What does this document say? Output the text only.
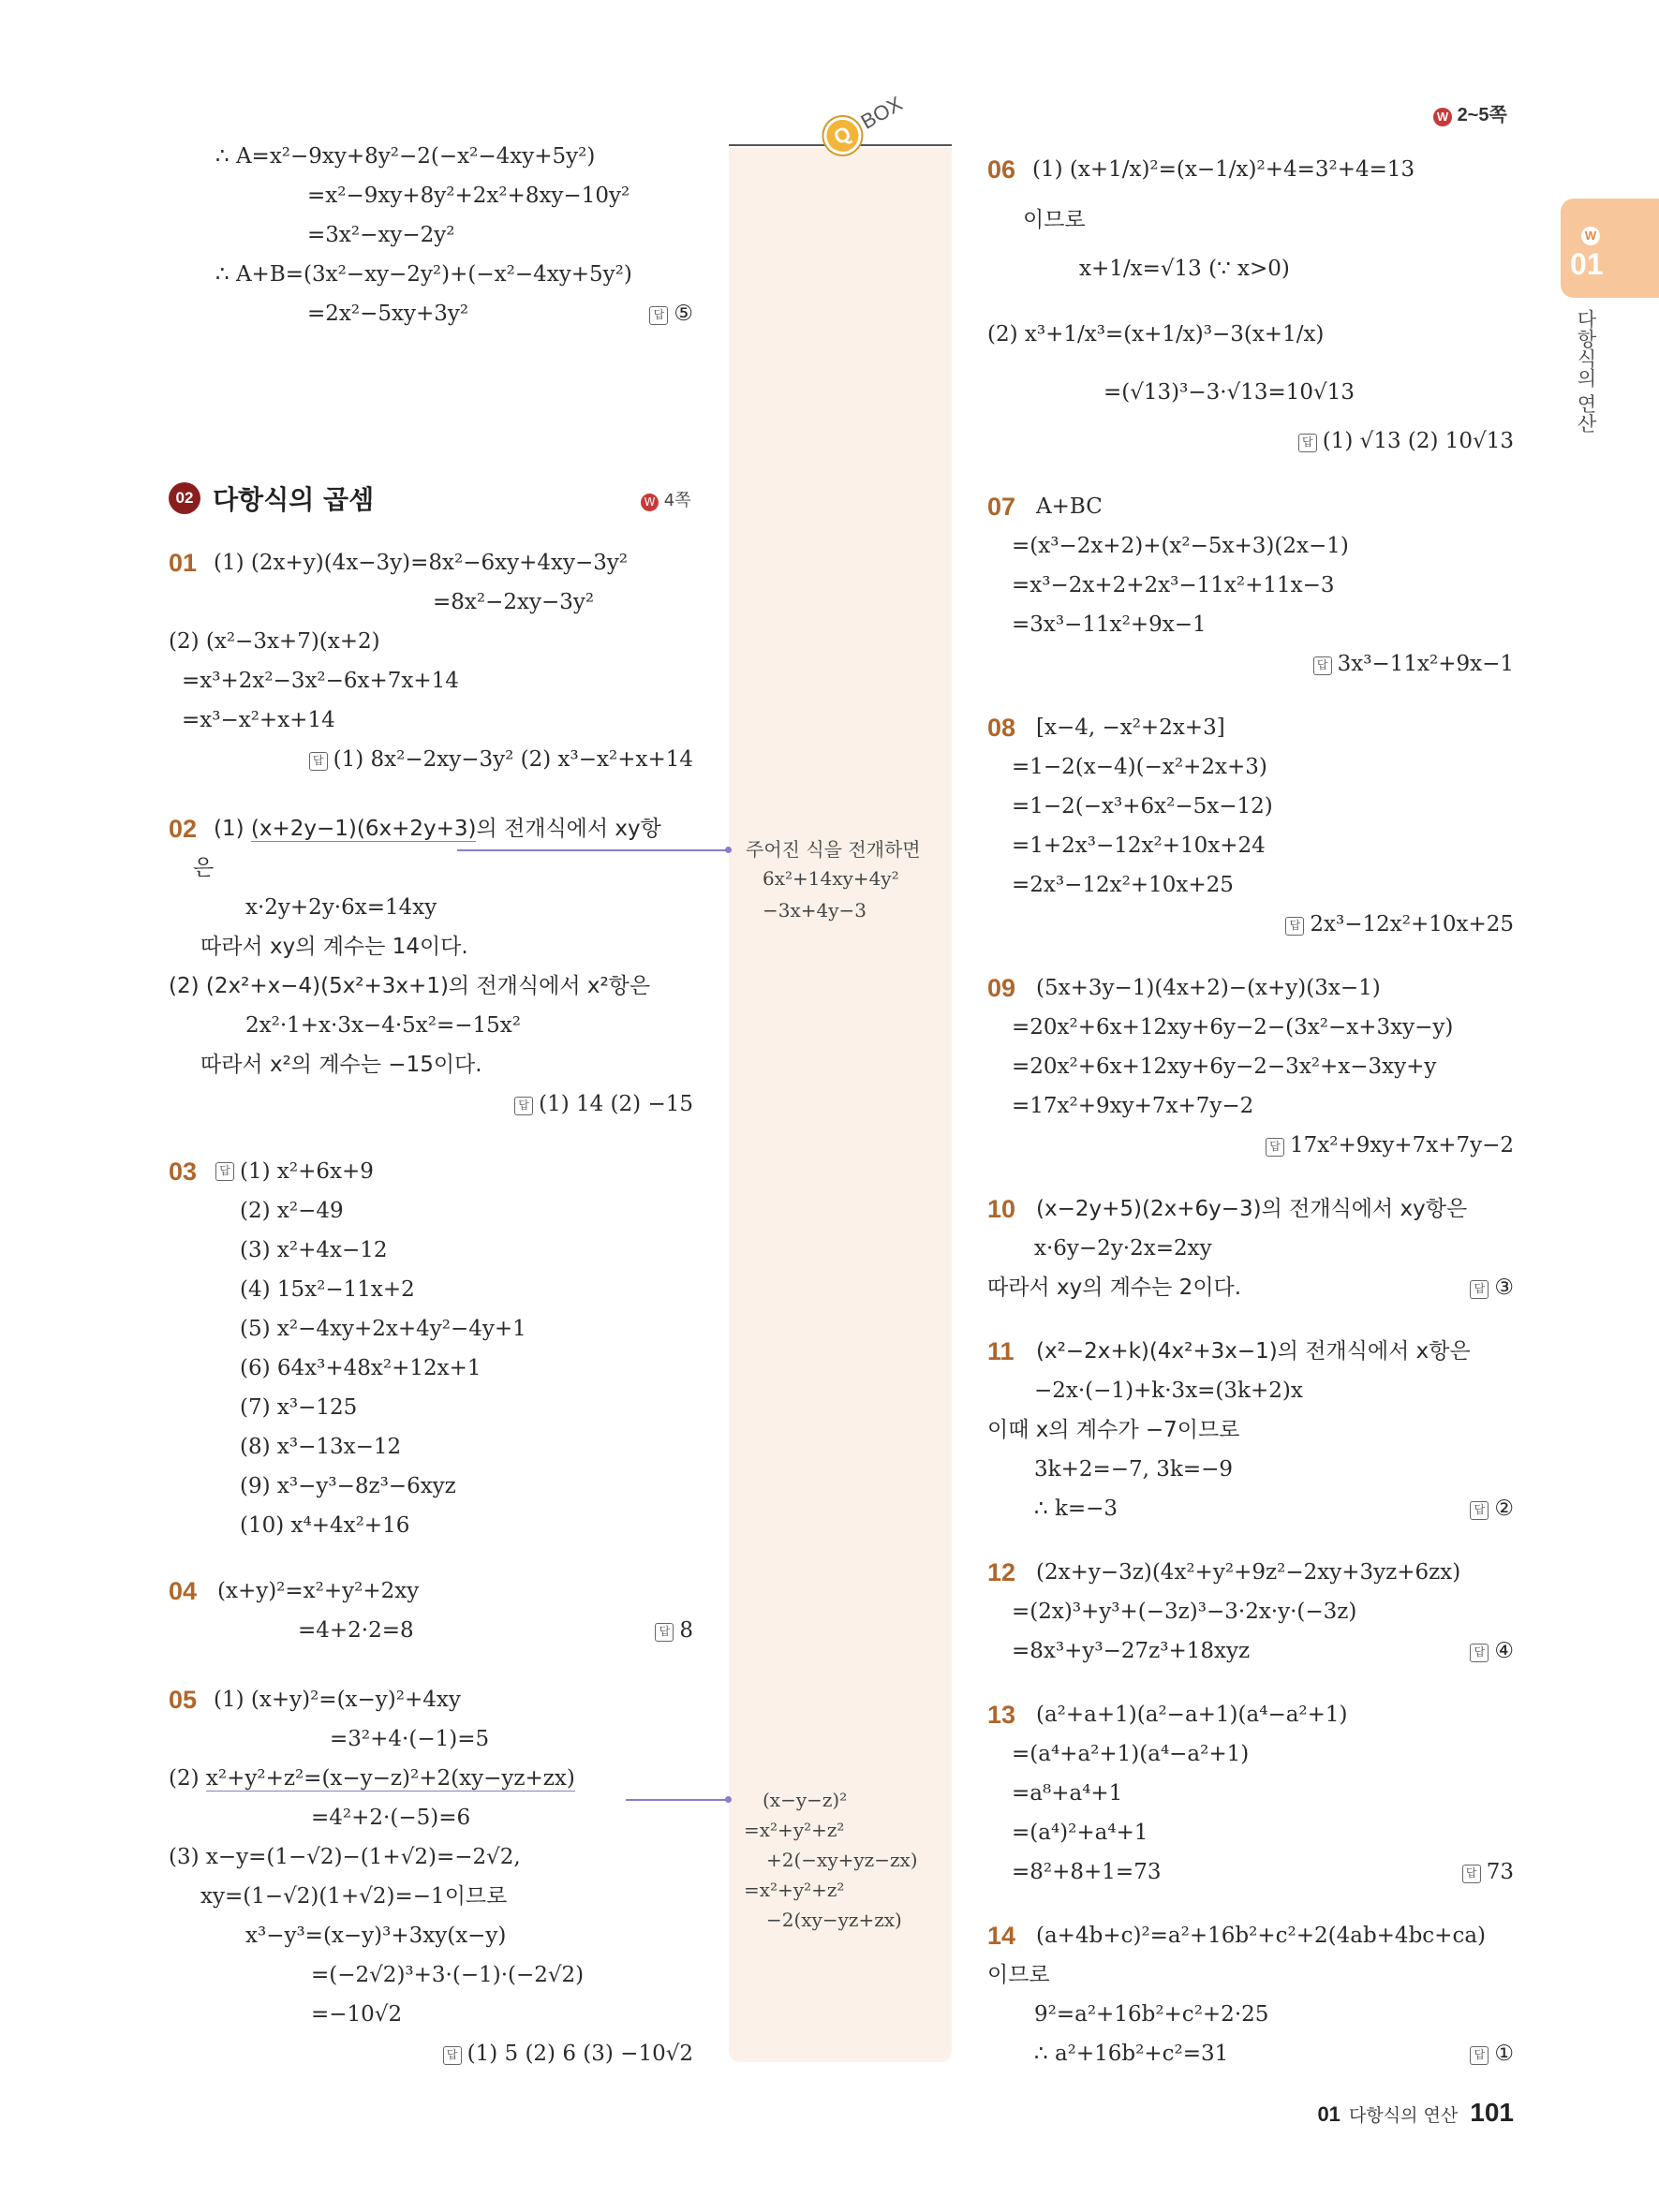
W 2~5쪽
W
01
다항식의 연산
Q BOX
∴ A=x²−9xy+8y²−2(−x²−4xy+5y²)
=x²−9xy+8y²+2x²+8xy−10y²
=3x²−xy−2y²
∴ A+B=(3x²−xy−2y²)+(−x²−4xy+5y²)
=2x²−5xy+3y²	답 ⑤
02 다항식의 곱셈	W 4쪽
01 (1) (2x+y)(4x−3y)=8x²−6xy+4xy−3y²
=8x²−2xy−3y²
(2) (x²−3x+7)(x+2)
=x³+2x²−3x²−6x+7x+14
=x³−x²+x+14
답 (1) 8x²−2xy−3y² (2) x³−x²+x+14
02 (1) (x+2y−1)(6x+2y+3)의 전개식에서 xy항
은
x·2y+2y·6x=14xy
따라서 xy의 계수는 14이다.
(2) (2x²+x−4)(5x²+3x+1)의 전개식에서 x²항은
2x²·1+x·3x−4·5x²=−15x²
따라서 x²의 계수는 −15이다.
답 (1) 14 (2) −15
주어진 식을 전개하면
6x²+14xy+4y²
−3x+4y−3
03	답 (1) x²+6x+9
(2) x²−49
(3) x²+4x−12
(4) 15x²−11x+2
(5) x²−4xy+2x+4y²−4y+1
(6) 64x³+48x²+12x+1
(7) x³−125
(8) x³−13x−12
(9) x³−y³−8z³−6xyz
(10) x⁴+4x²+16
04 (x+y)²=x²+y²+2xy
=4+2·2=8	답 8
05 (1) (x+y)²=(x−y)²+4xy
=3²+4·(−1)=5
(2) x²+y²+z²=(x−y−z)²+2(xy−yz+zx)
=4²+2·(−5)=6
(3) x−y=(1−√2)−(1+√2)=−2√2,
xy=(1−√2)(1+√2)=−1이므로
x³−y³=(x−y)³+3xy(x−y)
=(−2√2)³+3·(−1)·(−2√2)
=−10√2
답 (1) 5 (2) 6 (3) −10√2
(x−y−z)²
=x²+y²+z²
+2(−xy+yz−zx)
=x²+y²+z²
−2(xy−yz+zx)
06 (1) (x+1/x)²=(x−1/x)²+4=3²+4=13
이므로
x+1/x=√13 (∵ x>0)
(2) x³+1/x³=(x+1/x)³−3(x+1/x)
=(√13)³−3·√13=10√13
답 (1) √13 (2) 10√13
07 A+BC
=(x³−2x+2)+(x²−5x+3)(2x−1)
=x³−2x+2+2x³−11x²+11x−3
=3x³−11x²+9x−1
답 3x³−11x²+9x−1
08 [x−4, −x²+2x+3]
=1−2(x−4)(−x²+2x+3)
=1−2(−x³+6x²−5x−12)
=1+2x³−12x²+10x+24
=2x³−12x²+10x+25
답 2x³−12x²+10x+25
09 (5x+3y−1)(4x+2)−(x+y)(3x−1)
=20x²+6x+12xy+6y−2−(3x²−x+3xy−y)
=20x²+6x+12xy+6y−2−3x²+x−3xy+y
=17x²+9xy+7x+7y−2
답 17x²+9xy+7x+7y−2
10 (x−2y+5)(2x+6y−3)의 전개식에서 xy항은
x·6y−2y·2x=2xy
따라서 xy의 계수는 2이다.	답 ③
11 (x²−2x+k)(4x²+3x−1)의 전개식에서 x항은
−2x·(−1)+k·3x=(3k+2)x
이때 x의 계수가 −7이므로
3k+2=−7, 3k=−9
∴ k=−3	답 ②
12 (2x+y−3z)(4x²+y²+9z²−2xy+3yz+6zx)
=(2x)³+y³+(−3z)³−3·2x·y·(−3z)
=8x³+y³−27z³+18xyz	답 ④
13 (a²+a+1)(a²−a+1)(a⁴−a²+1)
=(a⁴+a²+1)(a⁴−a²+1)
=a⁸+a⁴+1
=(a⁴)²+a⁴+1
=8²+8+1=73	답 73
14 (a+4b+c)²=a²+16b²+c²+2(4ab+4bc+ca)
이므로
9²=a²+16b²+c²+2·25
∴ a²+16b²+c²=31	답 ①
01 다항식의 연산 101
